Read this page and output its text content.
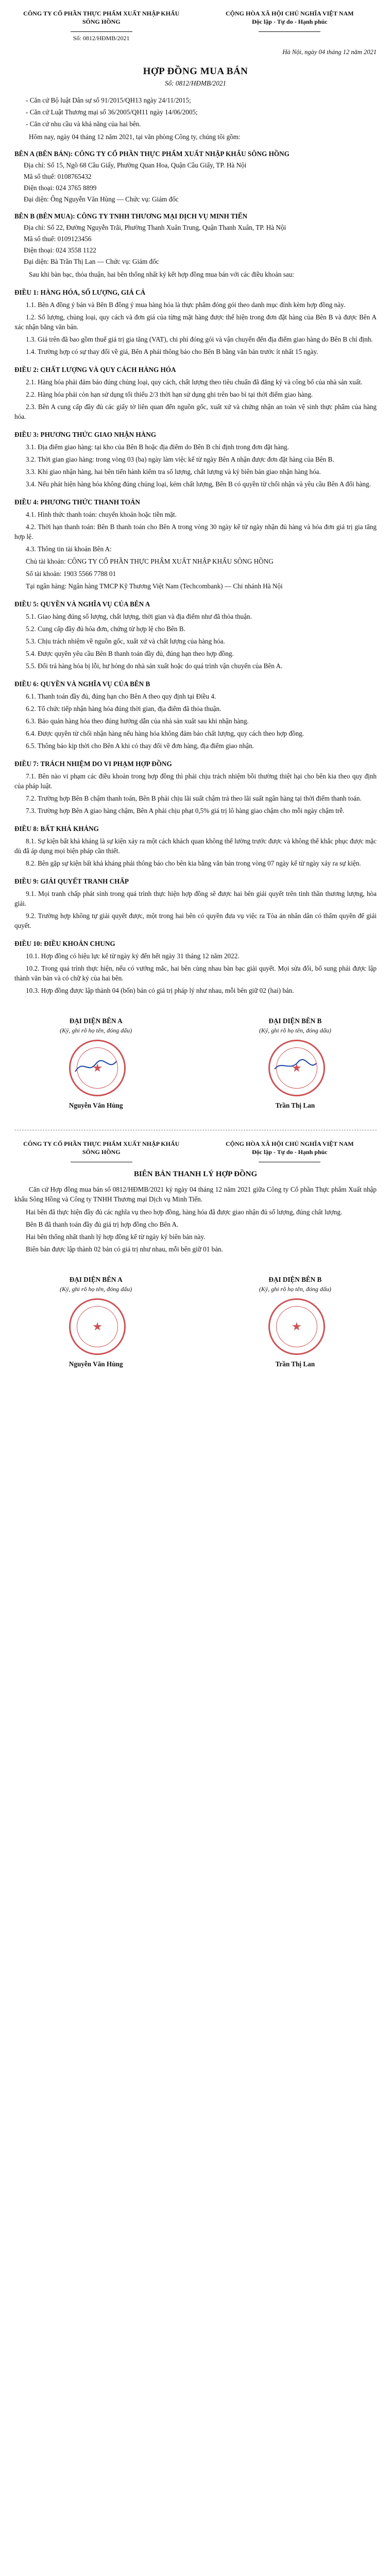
CÔNG TY CỔ PHẦN THỰC PHẨM XUẤT NHẬP KHẨU
SÔNG HỒNG
Số: 0812/HĐMB/2021
CỘNG HÒA XÃ HỘI CHỦ NGHĨA VIỆT NAM
Độc lập - Tự do - Hạnh phúc
Hà Nội, ngày 04 tháng 12 năm 2021
HỢP ĐỒNG MUA BÁN
Số: 0812/HĐMB/2021
- Căn cứ Bộ luật Dân sự số 91/2015/QH13 ngày 24/11/2015;
- Căn cứ Luật Thương mại số 36/2005/QH11 ngày 14/06/2005;
- Căn cứ nhu cầu và khả năng của hai bên.
Hôm nay, ngày 04 tháng 12 năm 2021, tại văn phòng Công ty, chúng tôi gồm:
BÊN A (BÊN BÁN): CÔNG TY CỔ PHẦN THỰC PHẨM XUẤT NHẬP KHẨU SÔNG HỒNG
Địa chỉ: Số 15, Ngõ 68 Cầu Giấy, Phường Quan Hoa, Quận Cầu Giấy, TP. Hà Nội
Mã số thuế: 0108765432
Điện thoại: 024 3765 8899
Đại diện: Ông Nguyễn Văn Hùng — Chức vụ: Giám đốc
BÊN B (BÊN MUA): CÔNG TY TNHH THƯƠNG MẠI DỊCH VỤ MINH TIẾN
Địa chỉ: Số 22, Đường Nguyễn Trãi, Phường Thanh Xuân Trung, Quận Thanh Xuân, TP. Hà Nội
Mã số thuế: 0109123456
Điện thoại: 024 3558 1122
Đại diện: Bà Trần Thị Lan — Chức vụ: Giám đốc
Sau khi bàn bạc, thỏa thuận, hai bên thống nhất ký kết hợp đồng mua bán với các điều khoản sau:
ĐIỀU 1: HÀNG HÓA, SỐ LƯỢNG, GIÁ CẢ
1.1. Bên A đồng ý bán và Bên B đồng ý mua hàng hóa là thực phẩm đóng gói theo danh mục đính kèm hợp đồng này.
1.2. Số lượng, chủng loại, quy cách và đơn giá của từng mặt hàng được thể hiện trong đơn đặt hàng của Bên B và được Bên A xác nhận bằng văn bản.
1.3. Giá trên đã bao gồm thuế giá trị gia tăng (VAT), chi phí đóng gói và vận chuyển đến địa điểm giao hàng do Bên B chỉ định.
1.4. Trường hợp có sự thay đổi về giá, Bên A phải thông báo cho Bên B bằng văn bản trước ít nhất 15 ngày.
ĐIỀU 2: CHẤT LƯỢNG VÀ QUY CÁCH HÀNG HÓA
2.1. Hàng hóa phải đảm bảo đúng chủng loại, quy cách, chất lượng theo tiêu chuẩn đã đăng ký và công bố của nhà sản xuất.
2.2. Hàng hóa phải còn hạn sử dụng tối thiểu 2/3 thời hạn sử dụng ghi trên bao bì tại thời điểm giao hàng.
2.3. Bên A cung cấp đầy đủ các giấy tờ liên quan đến nguồn gốc, xuất xứ và chứng nhận an toàn vệ sinh thực phẩm của hàng hóa.
ĐIỀU 3: PHƯƠNG THỨC GIAO NHẬN HÀNG
3.1. Địa điểm giao hàng: tại kho của Bên B hoặc địa điểm do Bên B chỉ định trong đơn đặt hàng.
3.2. Thời gian giao hàng: trong vòng 03 (ba) ngày làm việc kể từ ngày Bên A nhận được đơn đặt hàng của Bên B.
3.3. Khi giao nhận hàng, hai bên tiến hành kiểm tra số lượng, chất lượng và ký biên bản giao nhận hàng hóa.
3.4. Nếu phát hiện hàng hóa không đúng chủng loại, kém chất lượng, Bên B có quyền từ chối nhận và yêu cầu Bên A đổi hàng.
ĐIỀU 4: PHƯƠNG THỨC THANH TOÁN
4.1. Hình thức thanh toán: chuyển khoản hoặc tiền mặt.
4.2. Thời hạn thanh toán: Bên B thanh toán cho Bên A trong vòng 30 ngày kể từ ngày nhận đủ hàng và hóa đơn giá trị gia tăng hợp lệ.
4.3. Thông tin tài khoản Bên A:
Chủ tài khoản: CÔNG TY CỔ PHẦN THỰC PHẨM XUẤT NHẬP KHẨU SÔNG HỒNG
Số tài khoản: 1903 5566 7788 01
Tại ngân hàng: Ngân hàng TMCP Kỹ Thương Việt Nam (Techcombank) — Chi nhánh Hà Nội
ĐIỀU 5: QUYỀN VÀ NGHĨA VỤ CỦA BÊN A
5.1. Giao hàng đúng số lượng, chất lượng, thời gian và địa điểm như đã thỏa thuận.
5.2. Cung cấp đầy đủ hóa đơn, chứng từ hợp lệ cho Bên B.
5.3. Chịu trách nhiệm về nguồn gốc, xuất xứ và chất lượng của hàng hóa.
5.4. Được quyền yêu cầu Bên B thanh toán đầy đủ, đúng hạn theo hợp đồng.
5.5. Đổi trả hàng hóa bị lỗi, hư hỏng do nhà sản xuất hoặc do quá trình vận chuyển của Bên A.
ĐIỀU 6: QUYỀN VÀ NGHĨA VỤ CỦA BÊN B
6.1. Thanh toán đầy đủ, đúng hạn cho Bên A theo quy định tại Điều 4.
6.2. Tổ chức tiếp nhận hàng hóa đúng thời gian, địa điểm đã thỏa thuận.
6.3. Bảo quản hàng hóa theo đúng hướng dẫn của nhà sản xuất sau khi nhận hàng.
6.4. Được quyền từ chối nhận hàng nếu hàng hóa không đảm bảo chất lượng, quy cách theo hợp đồng.
6.5. Thông báo kịp thời cho Bên A khi có thay đổi về đơn hàng, địa điểm giao nhận.
ĐIỀU 7: TRÁCH NHIỆM DO VI PHẠM HỢP ĐỒNG
7.1. Bên nào vi phạm các điều khoản trong hợp đồng thì phải chịu trách nhiệm bồi thường thiệt hại cho bên kia theo quy định của pháp luật.
7.2. Trường hợp Bên B chậm thanh toán, Bên B phải chịu lãi suất chậm trả theo lãi suất ngân hàng tại thời điểm thanh toán.
7.3. Trường hợp Bên A giao hàng chậm, Bên A phải chịu phạt 0,5% giá trị lô hàng giao chậm cho mỗi ngày chậm trễ.
ĐIỀU 8: BẤT KHẢ KHÁNG
8.1. Sự kiện bất khả kháng là sự kiện xảy ra một cách khách quan không thể lường trước được và không thể khắc phục được mặc dù đã áp dụng mọi biện pháp cần thiết.
8.2. Bên gặp sự kiện bất khả kháng phải thông báo cho bên kia bằng văn bản trong vòng 07 ngày kể từ ngày xảy ra sự kiện.
ĐIỀU 9: GIẢI QUYẾT TRANH CHẤP
9.1. Mọi tranh chấp phát sinh trong quá trình thực hiện hợp đồng sẽ được hai bên giải quyết trên tinh thần thương lượng, hòa giải.
9.2. Trường hợp không tự giải quyết được, một trong hai bên có quyền đưa vụ việc ra Tòa án nhân dân có thẩm quyền để giải quyết.
ĐIỀU 10: ĐIỀU KHOẢN CHUNG
10.1. Hợp đồng có hiệu lực kể từ ngày ký đến hết ngày 31 tháng 12 năm 2022.
10.2. Trong quá trình thực hiện, nếu có vướng mắc, hai bên cùng nhau bàn bạc giải quyết. Mọi sửa đổi, bổ sung phải được lập thành văn bản và có chữ ký của hai bên.
10.3. Hợp đồng được lập thành 04 (bốn) bản có giá trị pháp lý như nhau, mỗi bên giữ 02 (hai) bản.
ĐẠI DIỆN BÊN A
(Ký, ghi rõ họ tên, đóng dấu)
Nguyễn Văn Hùng
ĐẠI DIỆN BÊN B
(Ký, ghi rõ họ tên, đóng dấu)
Trần Thị Lan
CÔNG TY CỔ PHẦN THỰC PHẨM XUẤT NHẬP KHẨU
SÔNG HỒNG
CỘNG HÒA XÃ HỘI CHỦ NGHĨA VIỆT NAM
Độc lập - Tự do - Hạnh phúc
BIÊN BẢN THANH LÝ HỢP ĐỒNG
Căn cứ Hợp đồng mua bán số 0812/HĐMB/2021 ký ngày 04 tháng 12 năm 2021 giữa Công ty Cổ phần Thực phẩm Xuất nhập khẩu Sông Hồng và Công ty TNHH Thương mại Dịch vụ Minh Tiến.
Hai bên đã thực hiện đầy đủ các nghĩa vụ theo hợp đồng, hàng hóa đã được giao nhận đủ số lượng, đúng chất lượng.
Bên B đã thanh toán đầy đủ giá trị hợp đồng cho Bên A.
Hai bên thống nhất thanh lý hợp đồng kể từ ngày ký biên bản này.
Biên bản được lập thành 02 bản có giá trị như nhau, mỗi bên giữ 01 bản.
ĐẠI DIỆN BÊN A
(Ký, ghi rõ họ tên, đóng dấu)
Nguyễn Văn Hùng
ĐẠI DIỆN BÊN B
(Ký, ghi rõ họ tên, đóng dấu)
Trần Thị Lan
